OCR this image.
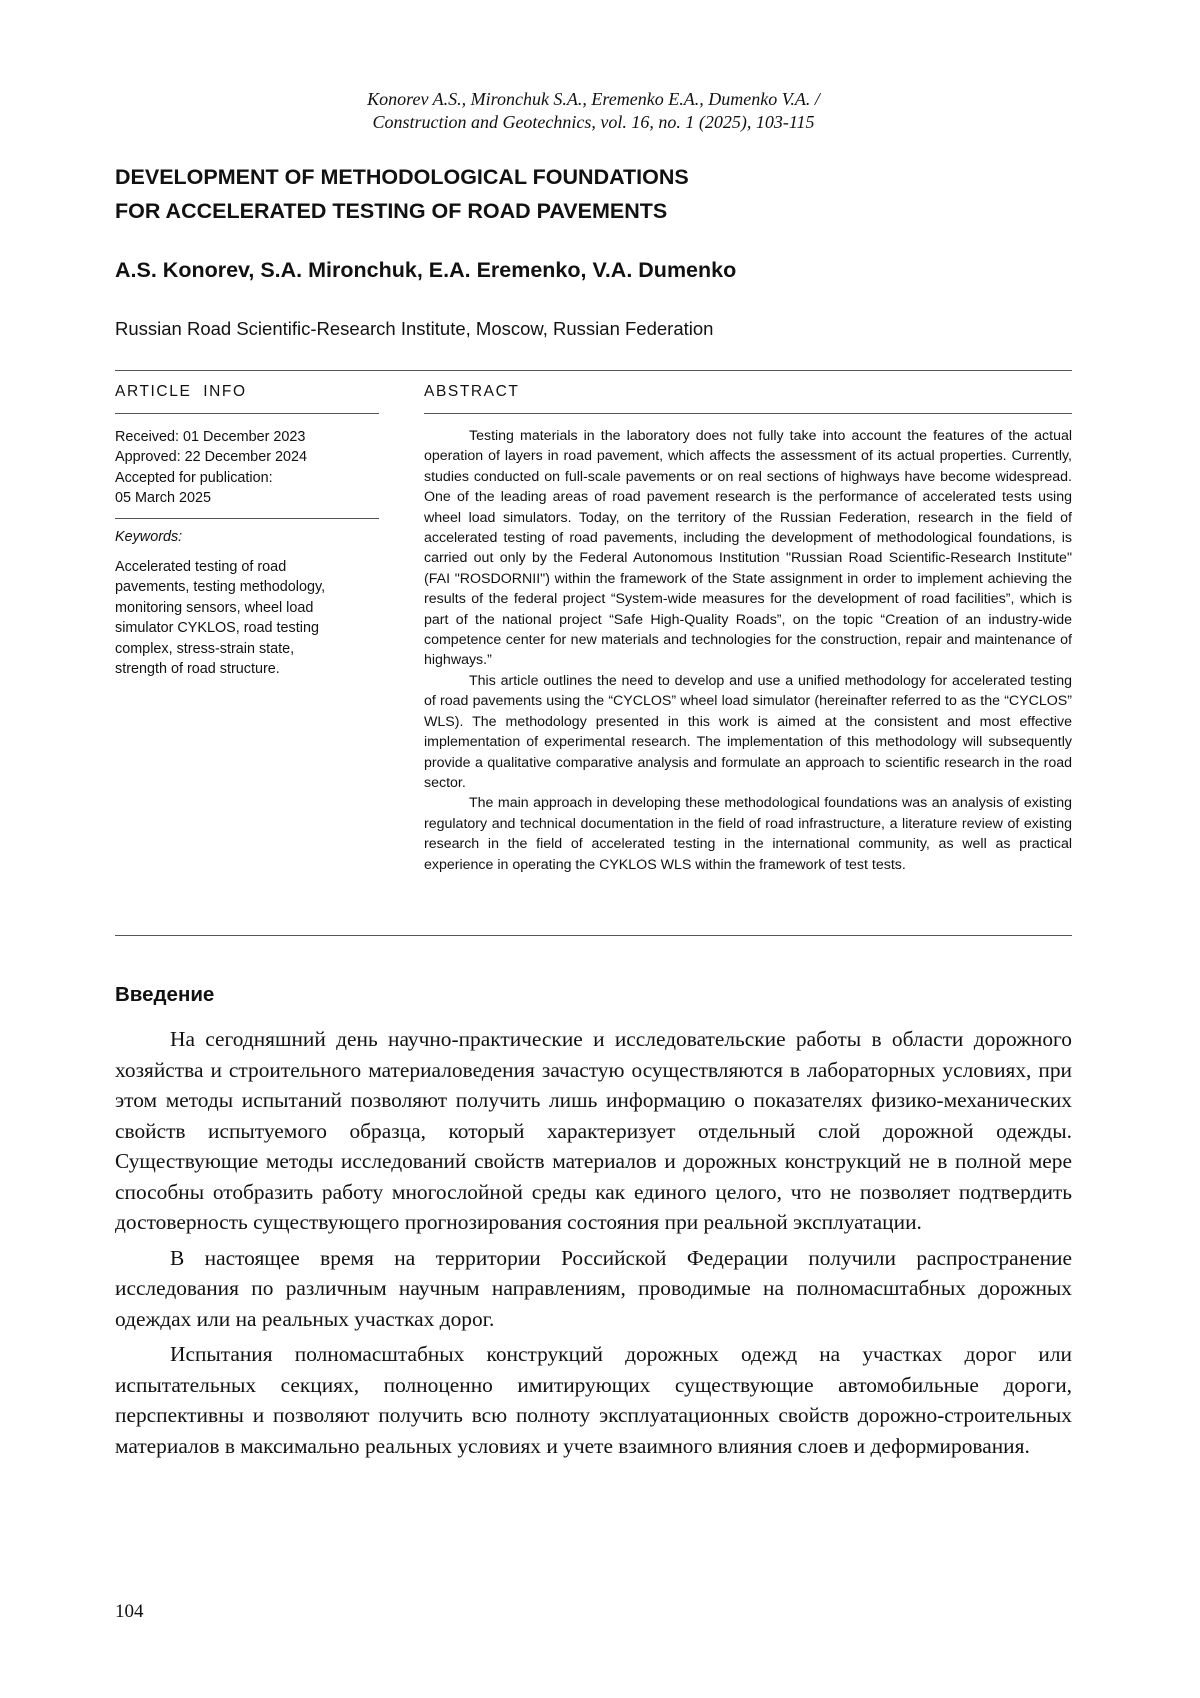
Konorev A.S., Mironchuk S.A., Eremenko E.A., Dumenko V.A. /
Construction and Geotechnics, vol. 16, no. 1 (2025), 103-115
DEVELOPMENT OF METHODOLOGICAL FOUNDATIONS
FOR ACCELERATED TESTING OF ROAD PAVEMENTS
A.S. Konorev, S.A. Mironchuk, E.A. Eremenko, V.A. Dumenko
Russian Road Scientific-Research Institute, Moscow, Russian Federation
ARTICLE  INFO
Received: 01 December 2023
Approved: 22 December 2024
Accepted for publication:
05 March 2025
Keywords:
Accelerated testing of road
pavements, testing methodology,
monitoring sensors, wheel load
simulator CYKLOS, road testing
complex, stress-strain state,
strength of road structure.
ABSTRACT

Testing materials in the laboratory does not fully take into account the features of the actual operation of layers in road pavement, which affects the assessment of its actual properties. Currently, studies conducted on full-scale pavements or on real sections of highways have become widespread. One of the leading areas of road pavement research is the performance of accelerated tests using wheel load simulators. Today, on the territory of the Russian Federation, research in the field of accelerated testing of road pavements, including the development of methodological foundations, is carried out only by the Federal Autonomous Institution "Russian Road Scientific-Research Institute" (FAI "ROSDORNII") within the framework of the State assignment in order to implement achieving the results of the federal project “System-wide measures for the development of road facilities”, which is part of the national project “Safe High-Quality Roads”, on the topic “Creation of an industry-wide competence center for new materials and technologies for the construction, repair and maintenance of highways.”

This article outlines the need to develop and use a unified methodology for accelerated testing of road pavements using the “CYCLOS” wheel load simulator (hereinafter referred to as the “CYCLOS” WLS). The methodology presented in this work is aimed at the consistent and most effective implementation of experimental research. The implementation of this methodology will subsequently provide a qualitative comparative analysis and formulate an approach to scientific research in the road sector.

The main approach in developing these methodological foundations was an analysis of existing regulatory and technical documentation in the field of road infrastructure, a literature review of existing research in the field of accelerated testing in the international community, as well as practical experience in operating the CYKLOS WLS within the framework of test tests.

Введение

На сегодняшний день научно-практические и исследовательские работы в области дорожного хозяйства и строительного материаловедения зачастую осуществляются в лабораторных условиях, при этом методы испытаний позволяют получить лишь информацию о показателях физико-механических свойств испытуемого образца, который характеризует отдельный слой дорожной одежды. Существующие методы исследований свойств материалов и дорожных конструкций не в полной мере способны отобразить работу многослойной среды как единого целого, что не позволяет подтвердить достоверность существующего прогнозирования состояния при реальной эксплуатации.

В настоящее время на территории Российской Федерации получили распространение исследования по различным научным направлениям, проводимые на полномасштабных дорожных одеждах или на реальных участках дорог.

Испытания полномасштабных конструкций дорожных одежд на участках дорог или испытательных секциях, полноценно имитирующих существующие автомобильные дороги, перспективны и позволяют получить всю полноту эксплуатационных свойств дорожно-строительных материалов в максимально реальных условиях и учете взаимного влияния слоев и деформирования.

104
